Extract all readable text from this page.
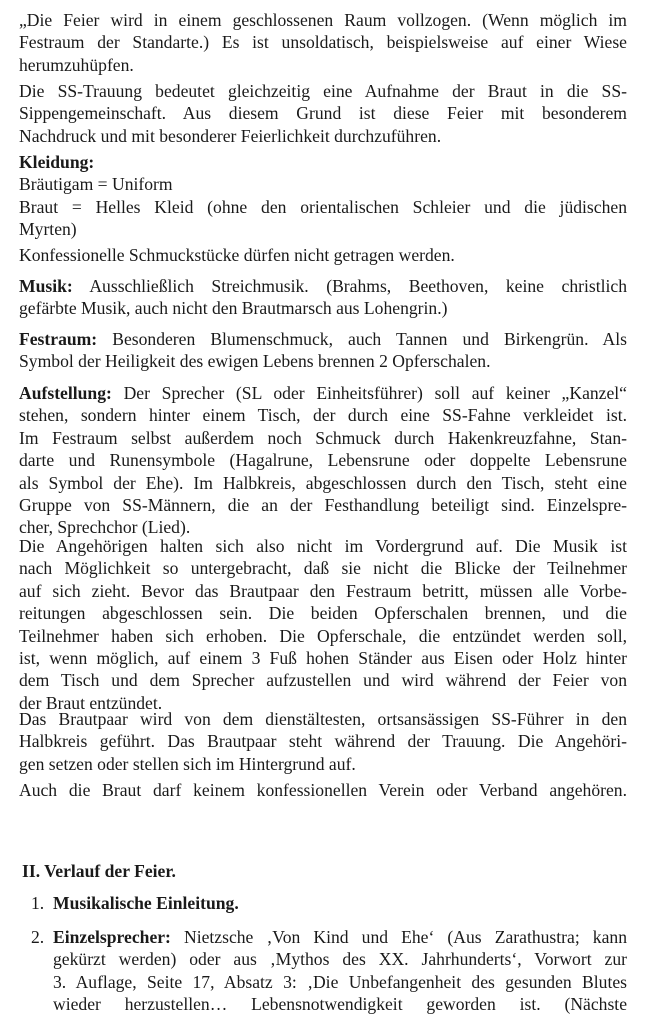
„Die Feier wird in einem geschlossenen Raum vollzogen. (Wenn möglich im
Festraum der Standarte.) Es ist unsoldatisch, beispielsweise auf einer Wiese
herumzuhüpfen.
Die SS-Trauung bedeutet gleichzeitig eine Aufnahme der Braut in die SS-
Sippengemeinschaft. Aus diesem Grund ist diese Feier mit besonderem
Nachdruck und mit besonderer Feierlichkeit durchzuführen.
Kleidung:
Bräutigam = Uniform
Braut = Helles Kleid (ohne den orientalischen Schleier und die jüdischen
Myrten)
Konfessionelle Schmuckstücke dürfen nicht getragen werden.
Musik: Ausschließlich Streichmusik. (Brahms, Beethoven, keine christlich
gefärbte Musik, auch nicht den Brautmarsch aus Lohengrin.)
Festraum: Besonderen Blumenschmuck, auch Tannen und Birkengrün. Als
Symbol der Heiligkeit des ewigen Lebens brennen 2 Opferschalen.
Aufstellung: Der Sprecher (SL oder Einheitsführer) soll auf keiner „Kanzel“
stehen, sondern hinter einem Tisch, der durch eine SS-Fahne verkleidet ist.
Im Festraum selbst außerdem noch Schmuck durch Hakenkreuzfahne, Stan-
darte und Runensymbole (Hagalrune, Lebensrune oder doppelte Lebensrune
als Symbol der Ehe). Im Halbkreis, abgeschlossen durch den Tisch, steht eine
Gruppe von SS-Männern, die an der Festhandlung beteiligt sind. Einzelspre-
cher, Sprechchor (Lied).
Die Angehörigen halten sich also nicht im Vordergrund auf. Die Musik ist
nach Möglichkeit so untergebracht, daß sie nicht die Blicke der Teilnehmer
auf sich zieht. Bevor das Brautpaar den Festraum betritt, müssen alle Vorbe-
reitungen abgeschlossen sein. Die beiden Opferschalen brennen, und die
Teilnehmer haben sich erhoben. Die Opferschale, die entzündet werden soll,
ist, wenn möglich, auf einem 3 Fuß hohen Ständer aus Eisen oder Holz hinter
dem Tisch und dem Sprecher aufzustellen und wird während der Feier von
der Braut entzündet.
Das Brautpaar wird von dem dienstältesten, ortsansässigen SS-Führer in den
Halbkreis geführt. Das Brautpaar steht während der Trauung. Die Angehöri-
gen setzen oder stellen sich im Hintergrund auf.
Auch die Braut darf keinem konfessionellen Verein oder Verband angehören.
II. Verlauf der Feier.
1. Musikalische Einleitung.
2. Einzelsprecher: Nietzsche ‚Von Kind und Ehe‘ (Aus Zarathustra; kann
gekürzt werden) oder aus ‚Mythos des XX. Jahrhunderts‘, Vorwort zur
3. Auflage, Seite 17, Absatz 3: ‚Die Unbefangenheit des gesunden Blutes
wieder herzustellen… Lebensnotwendigkeit geworden ist. (Nächste
